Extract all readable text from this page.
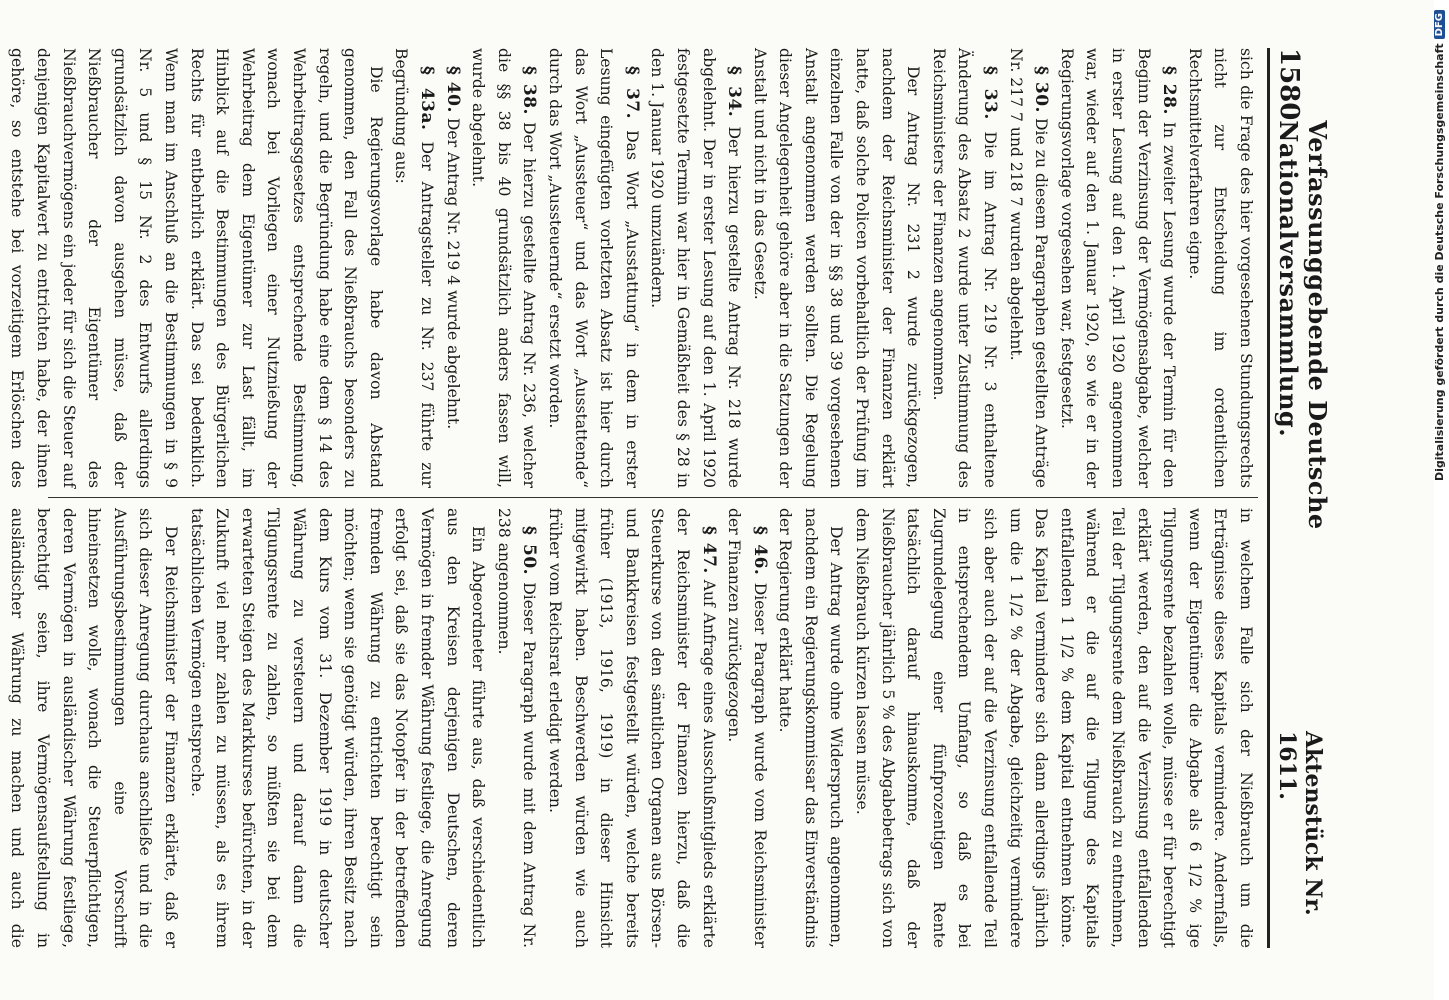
1580
Verfassunggebende Deutsche Nationalversammlung.
Aktenstück Nr. 1611.

sich die Frage des hier vorgesehenen Stundungsrechts nicht zur Entscheidung im ordentlichen Rechtsmittelverfahren eigne.

§ 28. In zweiter Lesung wurde der Termin für den Beginn der Verzinsung der Vermögensabgabe, welcher in erster Lesung auf den 1. April 1920 angenommen war, wieder auf den 1. Januar 1920, so wie er in der Regierungsvorlage vorgesehen war, festgesetzt.

§ 30. Die zu diesem Paragraphen gestellten Anträge Nr. 217 7 und 218 7 wurden abgelehnt.

§ 33. Die im Antrag Nr. 219 Nr. 3 enthaltene Änderung des Absatz 2 wurde unter Zustimmung des Reichsministers der Finanzen angenommen.

Der Antrag Nr. 231 2 wurde zurückgezogen, nachdem der Reichsminister der Finanzen erklärt hatte, daß solche Policen vorbehaltlich der Prüfung im einzelnen Falle von der in §§ 38 und 39 vorgesehenen Anstalt angenommen werden sollten. Die Regelung dieser Angelegenheit gehöre aber in die Satzungen der Anstalt und nicht in das Gesetz.

§ 34. Der hierzu gestellte Antrag Nr. 218 wurde abgelehnt. Der in erster Lesung auf den 1. April 1920 festgesetzte Termin war hier in Gemäßheit des § 28 in den 1. Januar 1920 umzuändern.

§ 37. Das Wort „Ausstattung“ in dem in erster Lesung eingefügten vorletzten Absatz ist hier durch das Wort „Aussteuer“ und das Wort „Ausstattende“ durch das Wort „Aussteuernde“ ersetzt worden.

§ 38. Der hierzu gestellte Antrag Nr. 236, welcher die §§ 38 bis 40 grundsätzlich anders fassen will, wurde abgelehnt.

§ 40. Der Antrag Nr. 219 4 wurde abgelehnt.

§ 43a. Der Antragsteller zu Nr. 237 führte zur Begründung aus:

Die Regierungsvorlage habe davon Abstand genommen, den Fall des Nießbrauchs besonders zu regeln, und die Begründung habe eine dem § 14 des Wehrbeitragsgesetzes entsprechende Bestimmung, wonach bei Vorliegen einer Nutznießung der Wehrbeitrag dem Eigentümer zur Last fällt, im Hinblick auf die Bestimmungen des Bürgerlichen Rechts für entbehrlich erklärt. Das sei bedenklich. Wenn man im Anschluß an die Bestimmungen in § 9 Nr. 5 und § 15 Nr. 2 des Entwurfs allerdings grundsätzlich davon ausgehen müsse, daß der Nießbraucher der Eigentümer des Nießbrauchvermögens ein jeder für sich die Steuer auf denjenigen Kapitalwert zu entrichten habe, der ihnen gehöre, so entstehe bei vorzeitigem Erlöschen des

in welchem Falle sich der Nießbrauch um die Erträgnisse dieses Kapitals vermindere. Andernfalls, wenn der Eigentümer die Abgabe als 6 1/2 % ige Tilgungsrente bezahlen wolle, müsse er für berechtigt erklärt werden, den auf die Verzinsung entfallenden Teil der Tilgungsrente dem Nießbrauch zu entnehmen, während er die auf die Tilgung des Kapitals entfallenden 1 1/2 % dem Kapital entnehmen könne. Das Kapital vermindere sich dann allerdings jährlich um die 1 1/2 % der Abgabe, gleichzeitig vermindere sich aber auch der auf die Verzinsung entfallende Teil in entsprechendem Umfang, so daß es bei Zugrundelegung einer fünfprozentigen Rente tatsächlich darauf hinauskomme, daß der Nießbraucher jährlich 5 % des Abgabebetrags sich von dem Nießbrauch kürzen lassen müsse.

Der Antrag wurde ohne Widerspruch angenommen, nachdem ein Regierungskommissar das Einverständnis der Regierung erklärt hatte.

§ 46. Dieser Paragraph wurde vom Reichsminister der Finanzen zurückgezogen.

§ 47. Auf Anfrage eines Ausschußmitglieds erklärte der Reichsminister der Finanzen hierzu, daß die Steuerkurse von den sämtlichen Organen aus Börsen- und Bankkreisen festgestellt würden, welche bereits früher (1913, 1916, 1919) in dieser Hinsicht mitgewirkt haben. Beschwerden würden wie auch früher vom Reichsrat erledigt werden.

§ 50. Dieser Paragraph wurde mit dem Antrag Nr. 238 angenommen.

Ein Abgeordneter führte aus, daß verschiedentlich aus den Kreisen derjenigen Deutschen, deren Vermögen in fremder Währung festliege, die Anregung erfolgt sei, daß sie das Notopfer in der betreffenden fremden Währung zu entrichten berechtigt sein möchten; wenn sie genötigt würden, ihren Besitz nach dem Kurs vom 31. Dezember 1919 in deutscher Währung zu versteuern und darauf dann die Tilgungsrente zu zahlen, so müßten sie bei dem erwarteten Steigen des Markkurses befürchten, in der Zukunft viel mehr zahlen zu müssen, als es ihrem tatsächlichen Vermögen entspreche.

Der Reichsminister der Finanzen erklärte, daß er sich dieser Anregung durchaus anschließe und in die Ausführungsbestimmungen eine Vorschrift hineinsetzen wolle, wonach die Steuerpflichtigen, deren Vermögen in ausländischer Währung festliege, berechtigt seien, ihre Vermögensaufstellung in ausländischer Währung zu machen und auch die

Digitalisierung gefördert durch die Deutsche Forschungsgemeinschaft
DFG
